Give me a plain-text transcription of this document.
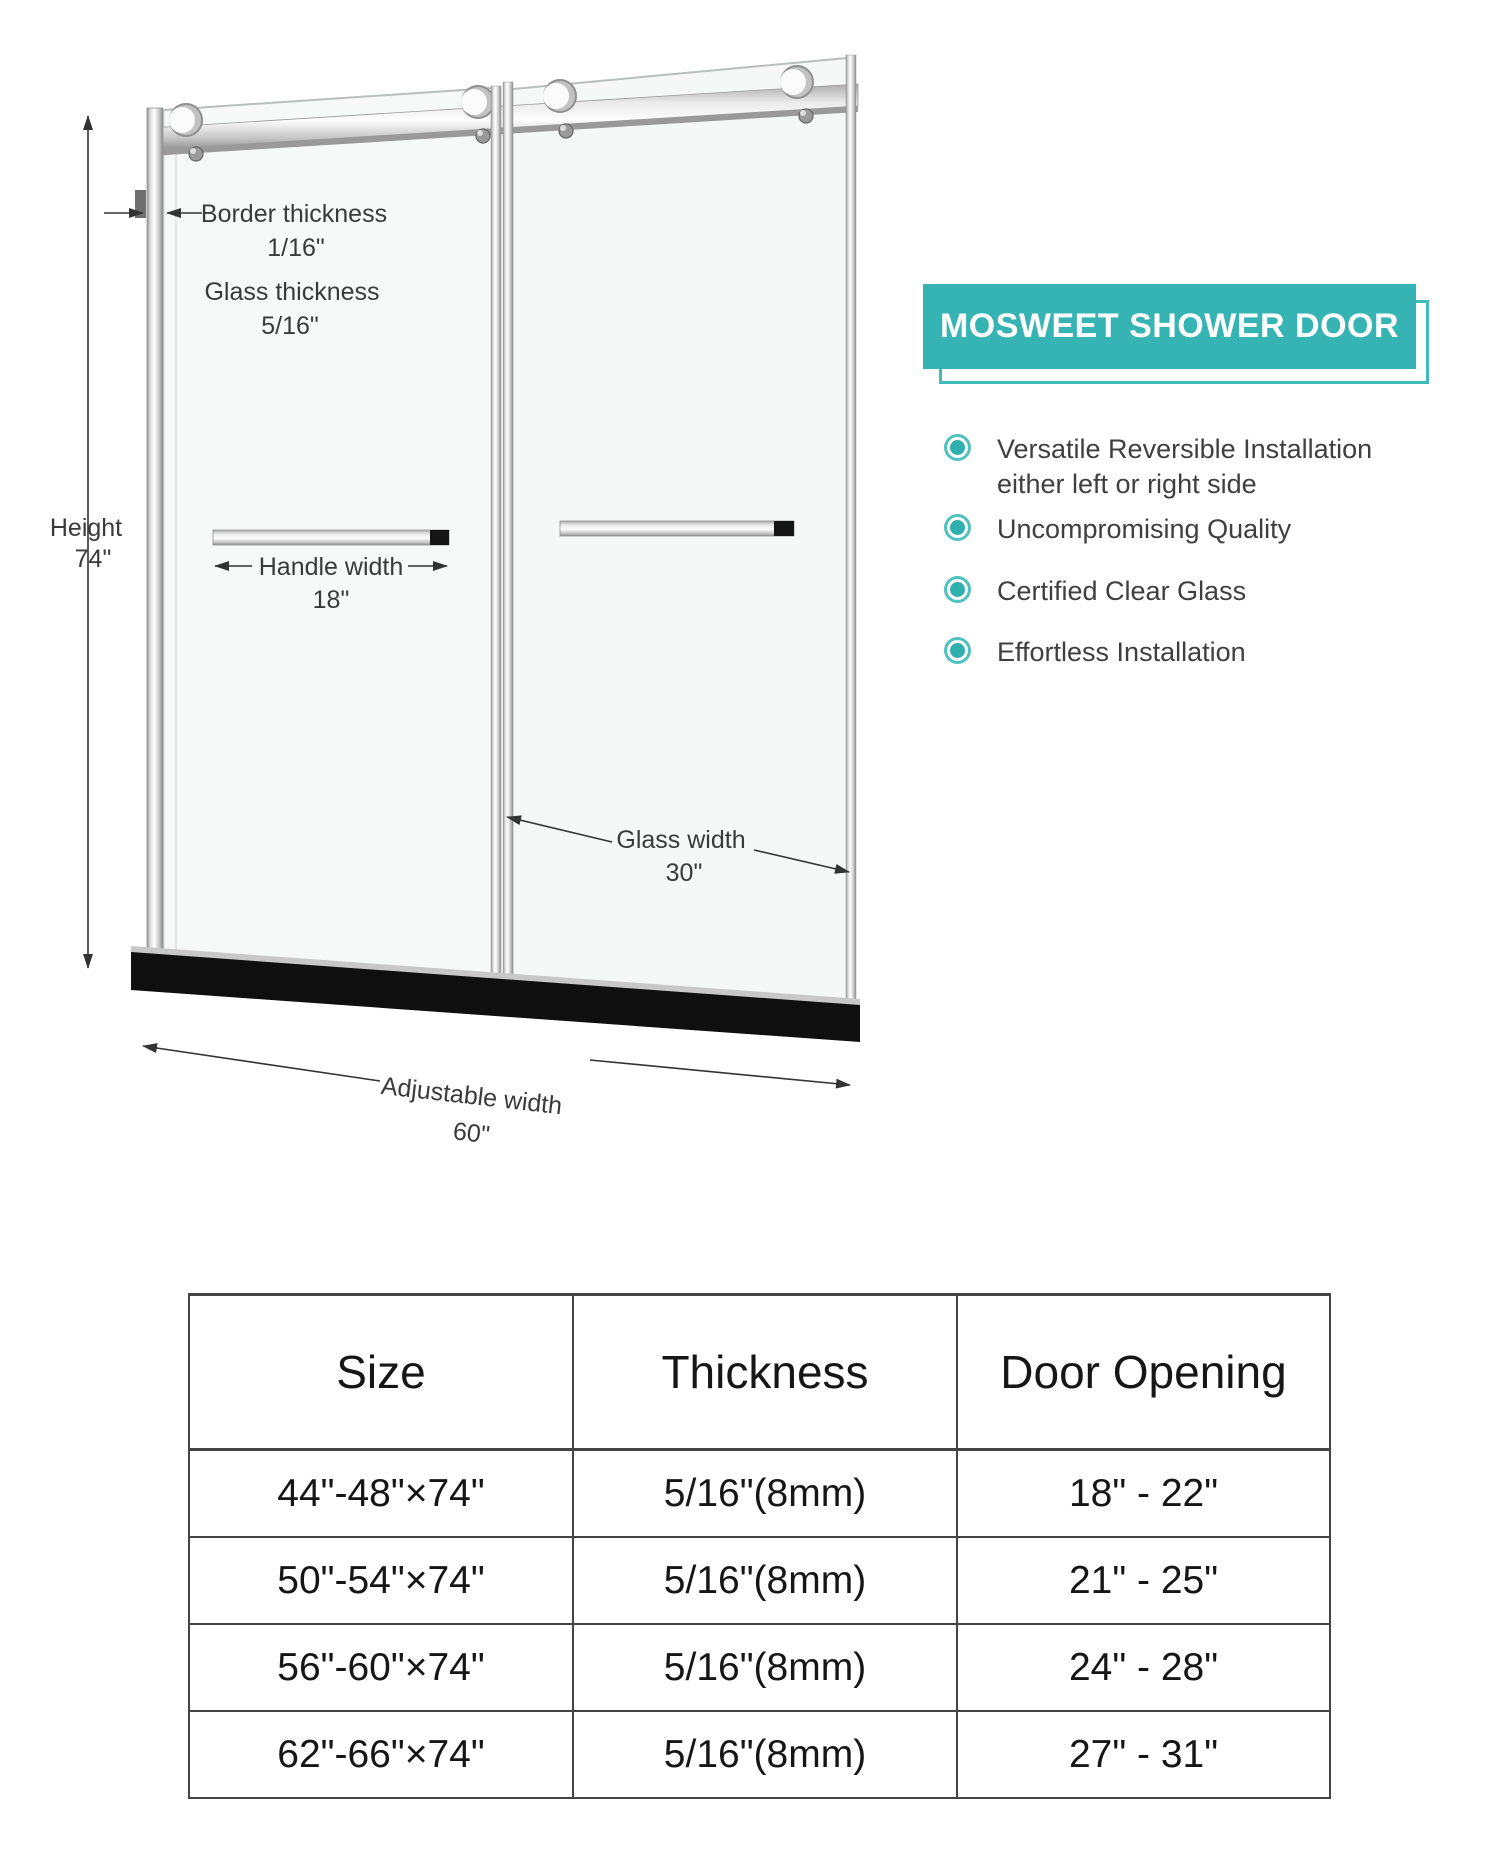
Height
74"
Border thickness
1/16"
Glass thickness
5/16"
Handle width
18"
Glass width
30"
Adjustable width
60"
MOSWEET SHOWER DOOR
Versatile Reversible Installation
either left or right side
Uncompromising Quality
Certified Clear Glass
Effortless Installation
Size	Thickness	Door Opening
44"-48"×74"	5/16"(8mm)	18" - 22"
50"-54"×74"	5/16"(8mm)	21" - 25"
56"-60"×74"	5/16"(8mm)	24" - 28"
62"-66"×74"	5/16"(8mm)	27" - 31"
